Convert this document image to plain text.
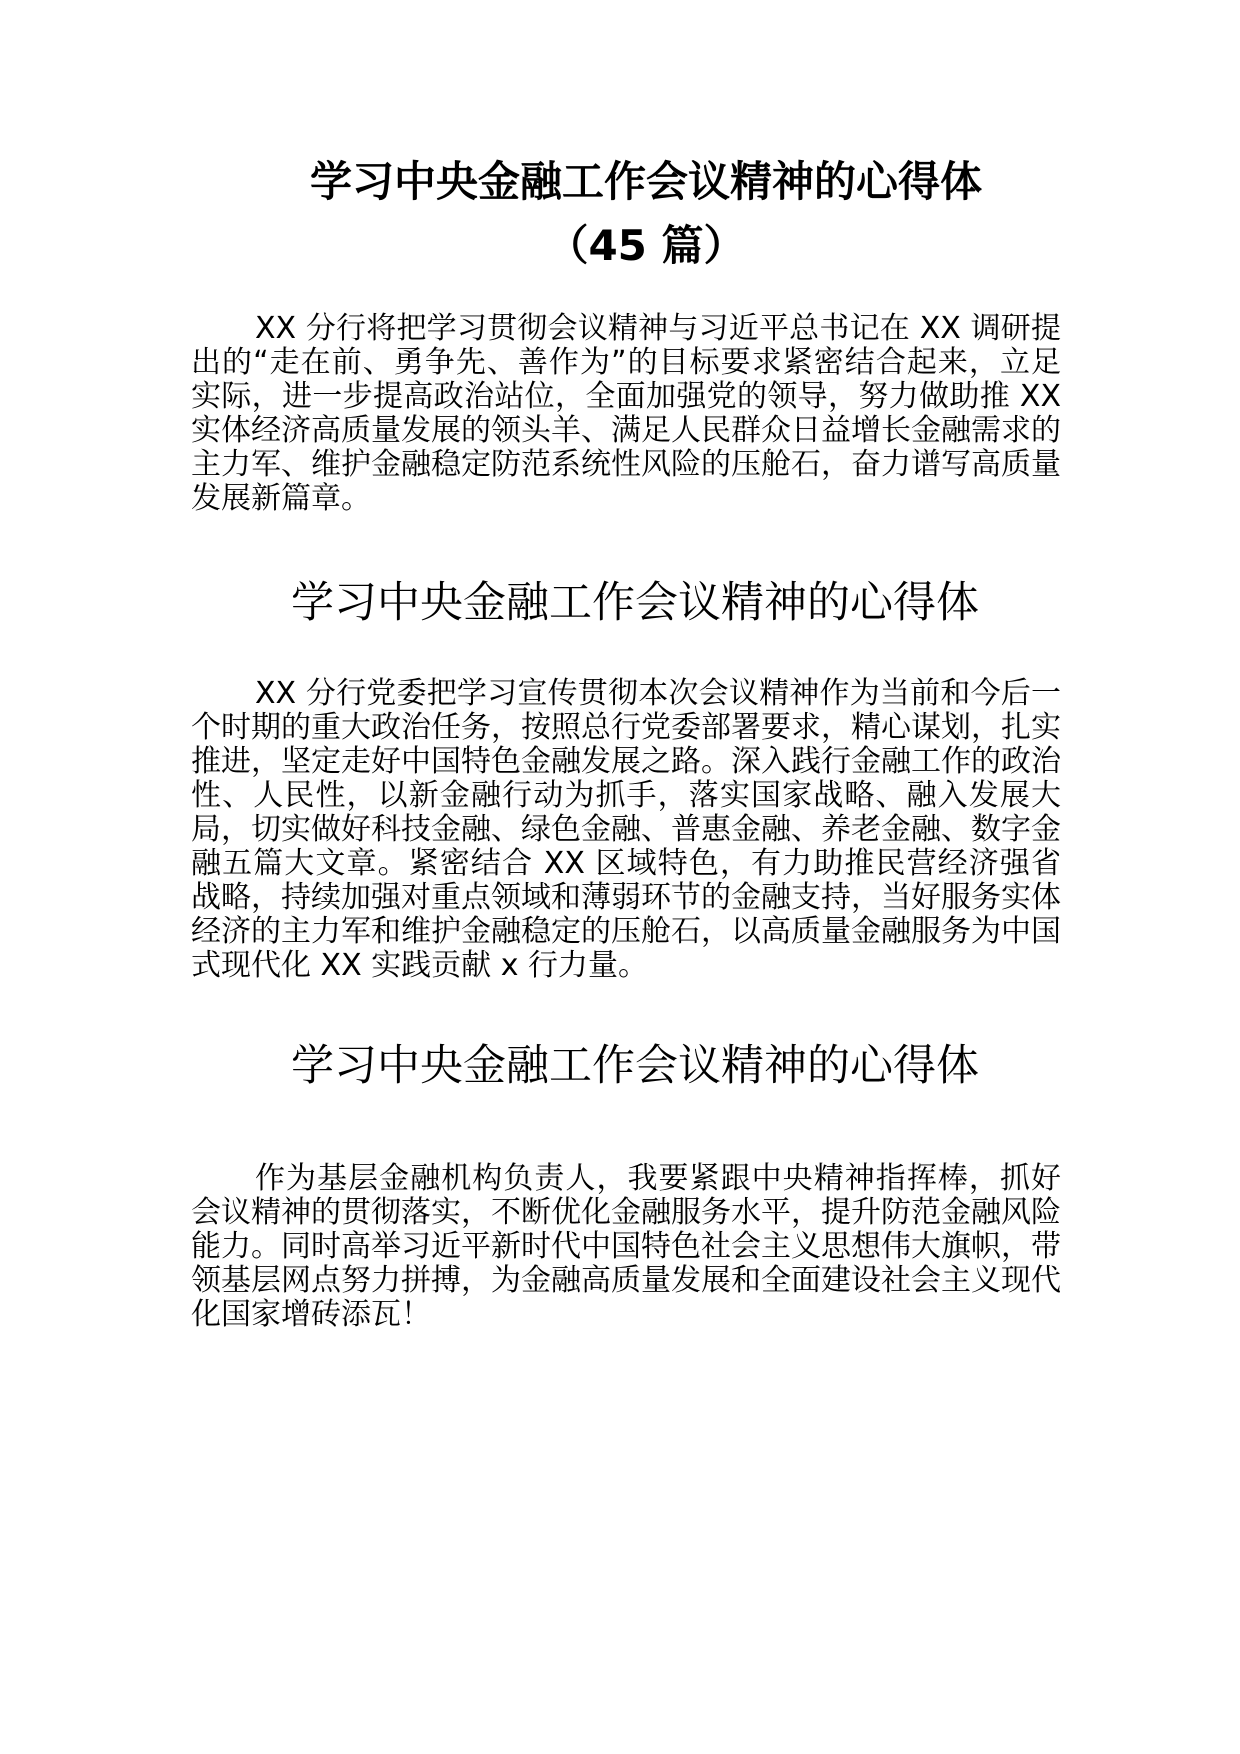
学习中央金融工作会议精神的心得体
（45 篇）

XX 分行将把学习贯彻会议精神与习近平总书记在 XX 调研提出的“走在前、勇争先、善作为”的目标要求紧密结合起来，立足实际，进一步提高政治站位，全面加强党的领导，努力做助推 XX 实体经济高质量发展的领头羊、满足人民群众日益增长金融需求的主力军、维护金融稳定防范系统性风险的压舱石，奋力谱写高质量发展新篇章。

学习中央金融工作会议精神的心得体

XX 分行党委把学习宣传贯彻本次会议精神作为当前和今后一个时期的重大政治任务，按照总行党委部署要求，精心谋划，扎实推进，坚定走好中国特色金融发展之路。深入践行金融工作的政治性、人民性，以新金融行动为抓手，落实国家战略、融入发展大局，切实做好科技金融、绿色金融、普惠金融、养老金融、数字金融五篇大文章。紧密结合 XX 区域特色，有力助推民营经济强省战略，持续加强对重点领域和薄弱环节的金融支持，当好服务实体经济的主力军和维护金融稳定的压舱石，以高质量金融服务为中国式现代化 XX 实践贡献 x 行力量。

学习中央金融工作会议精神的心得体

作为基层金融机构负责人，我要紧跟中央精神指挥棒，抓好会议精神的贯彻落实，不断优化金融服务水平，提升防范金融风险能力。同时高举习近平新时代中国特色社会主义思想伟大旗帜，带领基层网点努力拼搏，为金融高质量发展和全面建设社会主义现代化国家增砖添瓦！
